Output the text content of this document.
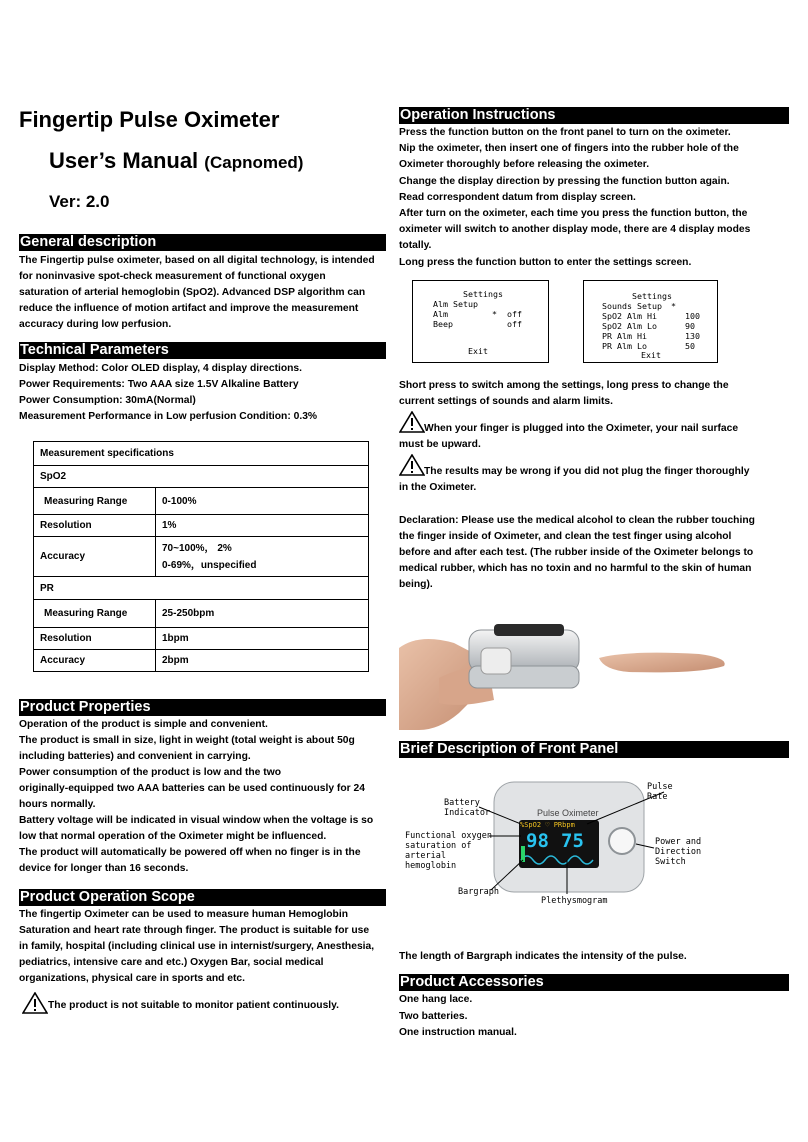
Fingertip Pulse Oximeter
User’s Manual (Capnomed)
Ver: 2.0
General description
The Fingertip pulse oximeter, based on all digital technology, is intended
for noninvasive spot-check measurement of functional oxygen
saturation of arterial hemoglobin (SpO2). Advanced DSP algorithm can
reduce the influence of motion artifact and improve the measurement
accuracy during low perfusion.
Technical Parameters
Display Method: Color OLED display, 4 display directions.
Power Requirements: Two AAA size 1.5V Alkaline Battery
Power Consumption: 30mA(Normal)
Measurement Performance in Low perfusion Condition: 0.3%
Measurement specifications	
SpO2	
Measuring Range	0-100%
Resolution	1%
Accuracy	70~100%， 2%
0-69%，unspecified

PR	
Measuring Range	25-250bpm
Resolution	1bpm
Accuracy	2bpm
Product Properties
Operation of the product is simple and convenient.
The product is small in size, light in weight (total weight is about 50g
including batteries) and convenient in carrying.
Power consumption of the product is low and the two
originally-equipped two AAA batteries can be used continuously for 24
hours normally.
Battery voltage will be indicated in visual window when the voltage is so
low that normal operation of the Oximeter might be influenced.
The product will automatically be powered off when no finger is in the
device for longer than 16 seconds.
Product Operation Scope
The fingertip Oximeter can be used to measure human Hemoglobin
Saturation and heart rate through finger. The product is suitable for use
in family, hospital (including clinical use in internist/surgery, Anesthesia,
pediatrics, intensive care and etc.) Oxygen Bar, social medical
organizations, physical care in sports and etc.
The product is not suitable to monitor patient continuously.
Operation Instructions
Press the function button on the front panel to turn on the oximeter.
Nip the oximeter, then insert one of fingers into the rubber hole of the
Oximeter thoroughly before releasing the oximeter.
Change the display direction by pressing the function button again.
Read correspondent datum from display screen.
After turn on the oximeter, each time you press the function button, the
oximeter will switch to another display mode, there are 4 display modes
totally.
Long press the function button to enter the settings screen.
Settings
Alm Setup
Alm	* off
Beep	off
Exit
Settings
Sounds Setup *
SpO2 Alm Hi	100
SpO2 Alm Lo	90
PR Alm Hi	130
PR Alm Lo	50
Exit
Short press to switch among the settings, long press to change the
current settings of sounds and alarm limits.
When your finger is plugged into the Oximeter, your nail surface
must be upward.
The results may be wrong if you did not plug the finger thoroughly
in the Oximeter.
Declaration: Please use the medical alcohol to clean the rubber touching
the finger inside of Oximeter, and clean the test finger using alcohol
before and after each test. (The rubber inside of the Oximeter belongs to
medical rubber, which has no toxin and no harmful to the skin of human
being).
Brief Description of Front Panel
Pulse Oximeter
%SpO2 ♡ PRbpm
98 75
Battery
Indicator
Pulse
Rate
Functional oxygen
saturation of
arterial
hemoglobin
Power and
Direction
Switch
Bargraph
Plethysmogram
The length of Bargraph indicates the intensity of the pulse.
Product Accessories
One hang lace.
Two batteries.
One instruction manual.
